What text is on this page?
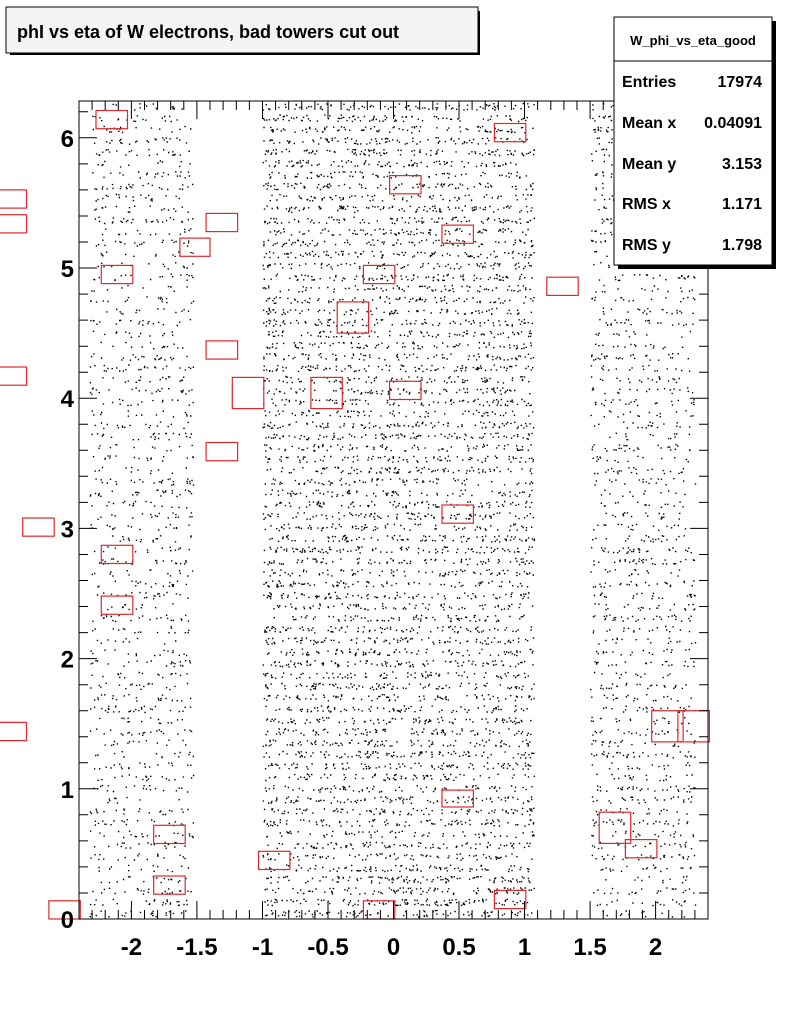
phI vs eta of W electrons, bad towers cut out
-2 -1.5 -1 -0.5 0 0.5 1 1.5 2
0
1
2
3
4
5
6
W_phi_vs_eta_good
Entries	17974
Mean x 0.04091
Mean y	3.153
RMS x	1.171
RMS y	1.798
